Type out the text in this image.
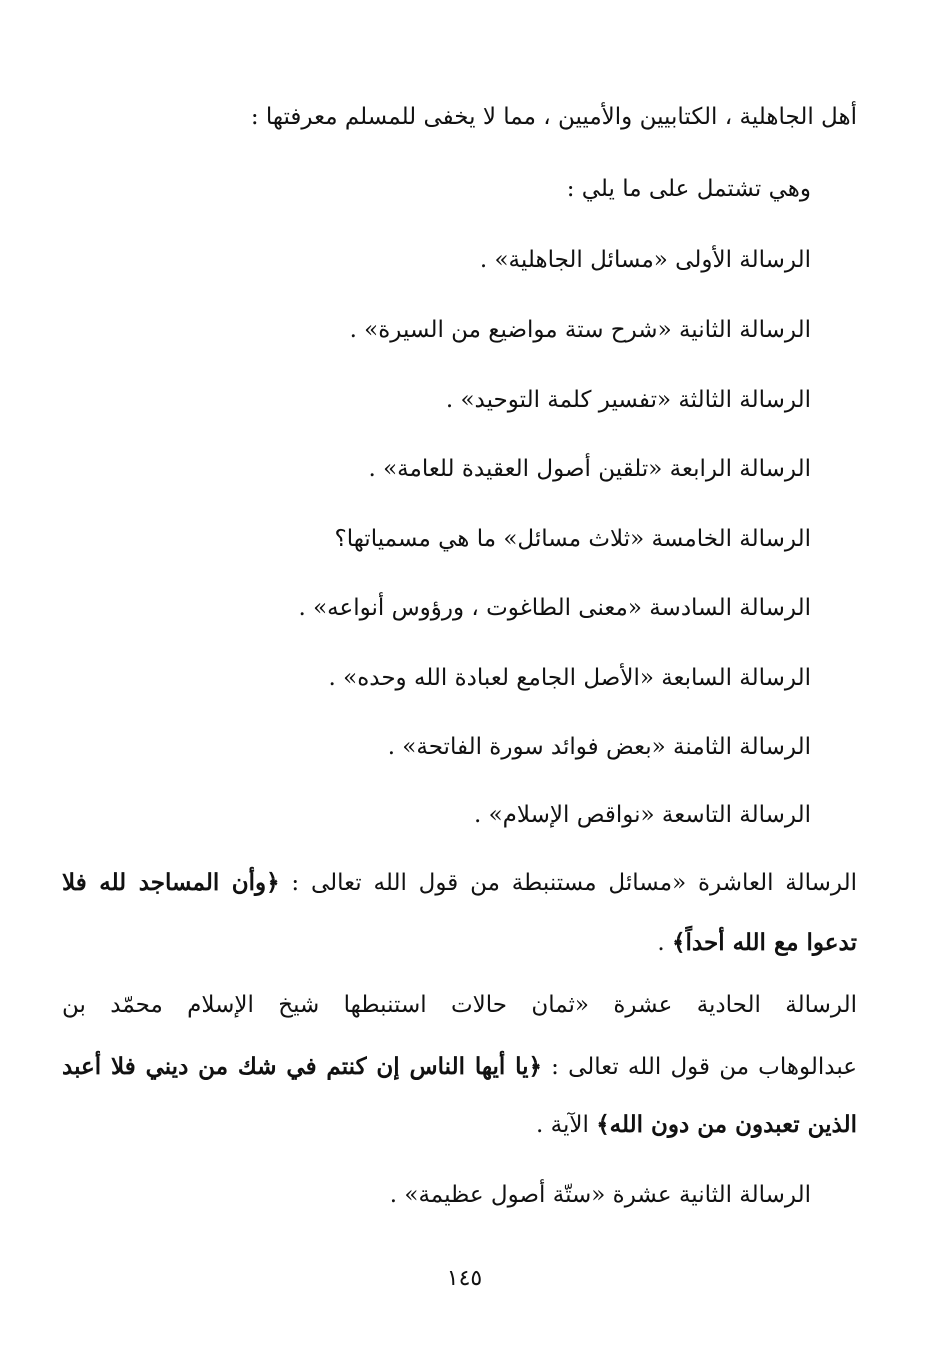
أهل الجاهلية ، الكتابيين والأميين ، مما لا يخفى للمسلم معرفتها :

وهي تشتمل على ما يلي :

الرسالة الأولى «مسائل الجاهلية» .

الرسالة الثانية «شرح ستة مواضيع من السيرة» .

الرسالة الثالثة «تفسير كلمة التوحيد» .

الرسالة الرابعة «تلقين أصول العقيدة للعامة» .

الرسالة الخامسة «ثلاث مسائل» ما هي مسمياتها؟

الرسالة السادسة «معنى الطاغوت ، ورؤوس أنواعه» .

الرسالة السابعة «الأصل الجامع لعبادة الله وحده» .

الرسالة الثامنة «بعض فوائد سورة الفاتحة» .

الرسالة التاسعة «نواقص الإسلام» .

الرسالة العاشرة «مسائل مستنبطة من قول الله تعالى : ﴿وأن المساجد لله فلا

تدعوا مع الله أحداً﴾ .

الرسالة الحادية عشرة «ثمان حالات استنبطها شيخ الإسلام محمّد بن

عبدالوهاب من قول الله تعالى : ﴿يا أيها الناس إن كنتم في شك من ديني فلا أعبد

الذين تعبدون من دون الله﴾ الآية .

الرسالة الثانية عشرة «ستّة أصول عظيمة» .

١٤٥
